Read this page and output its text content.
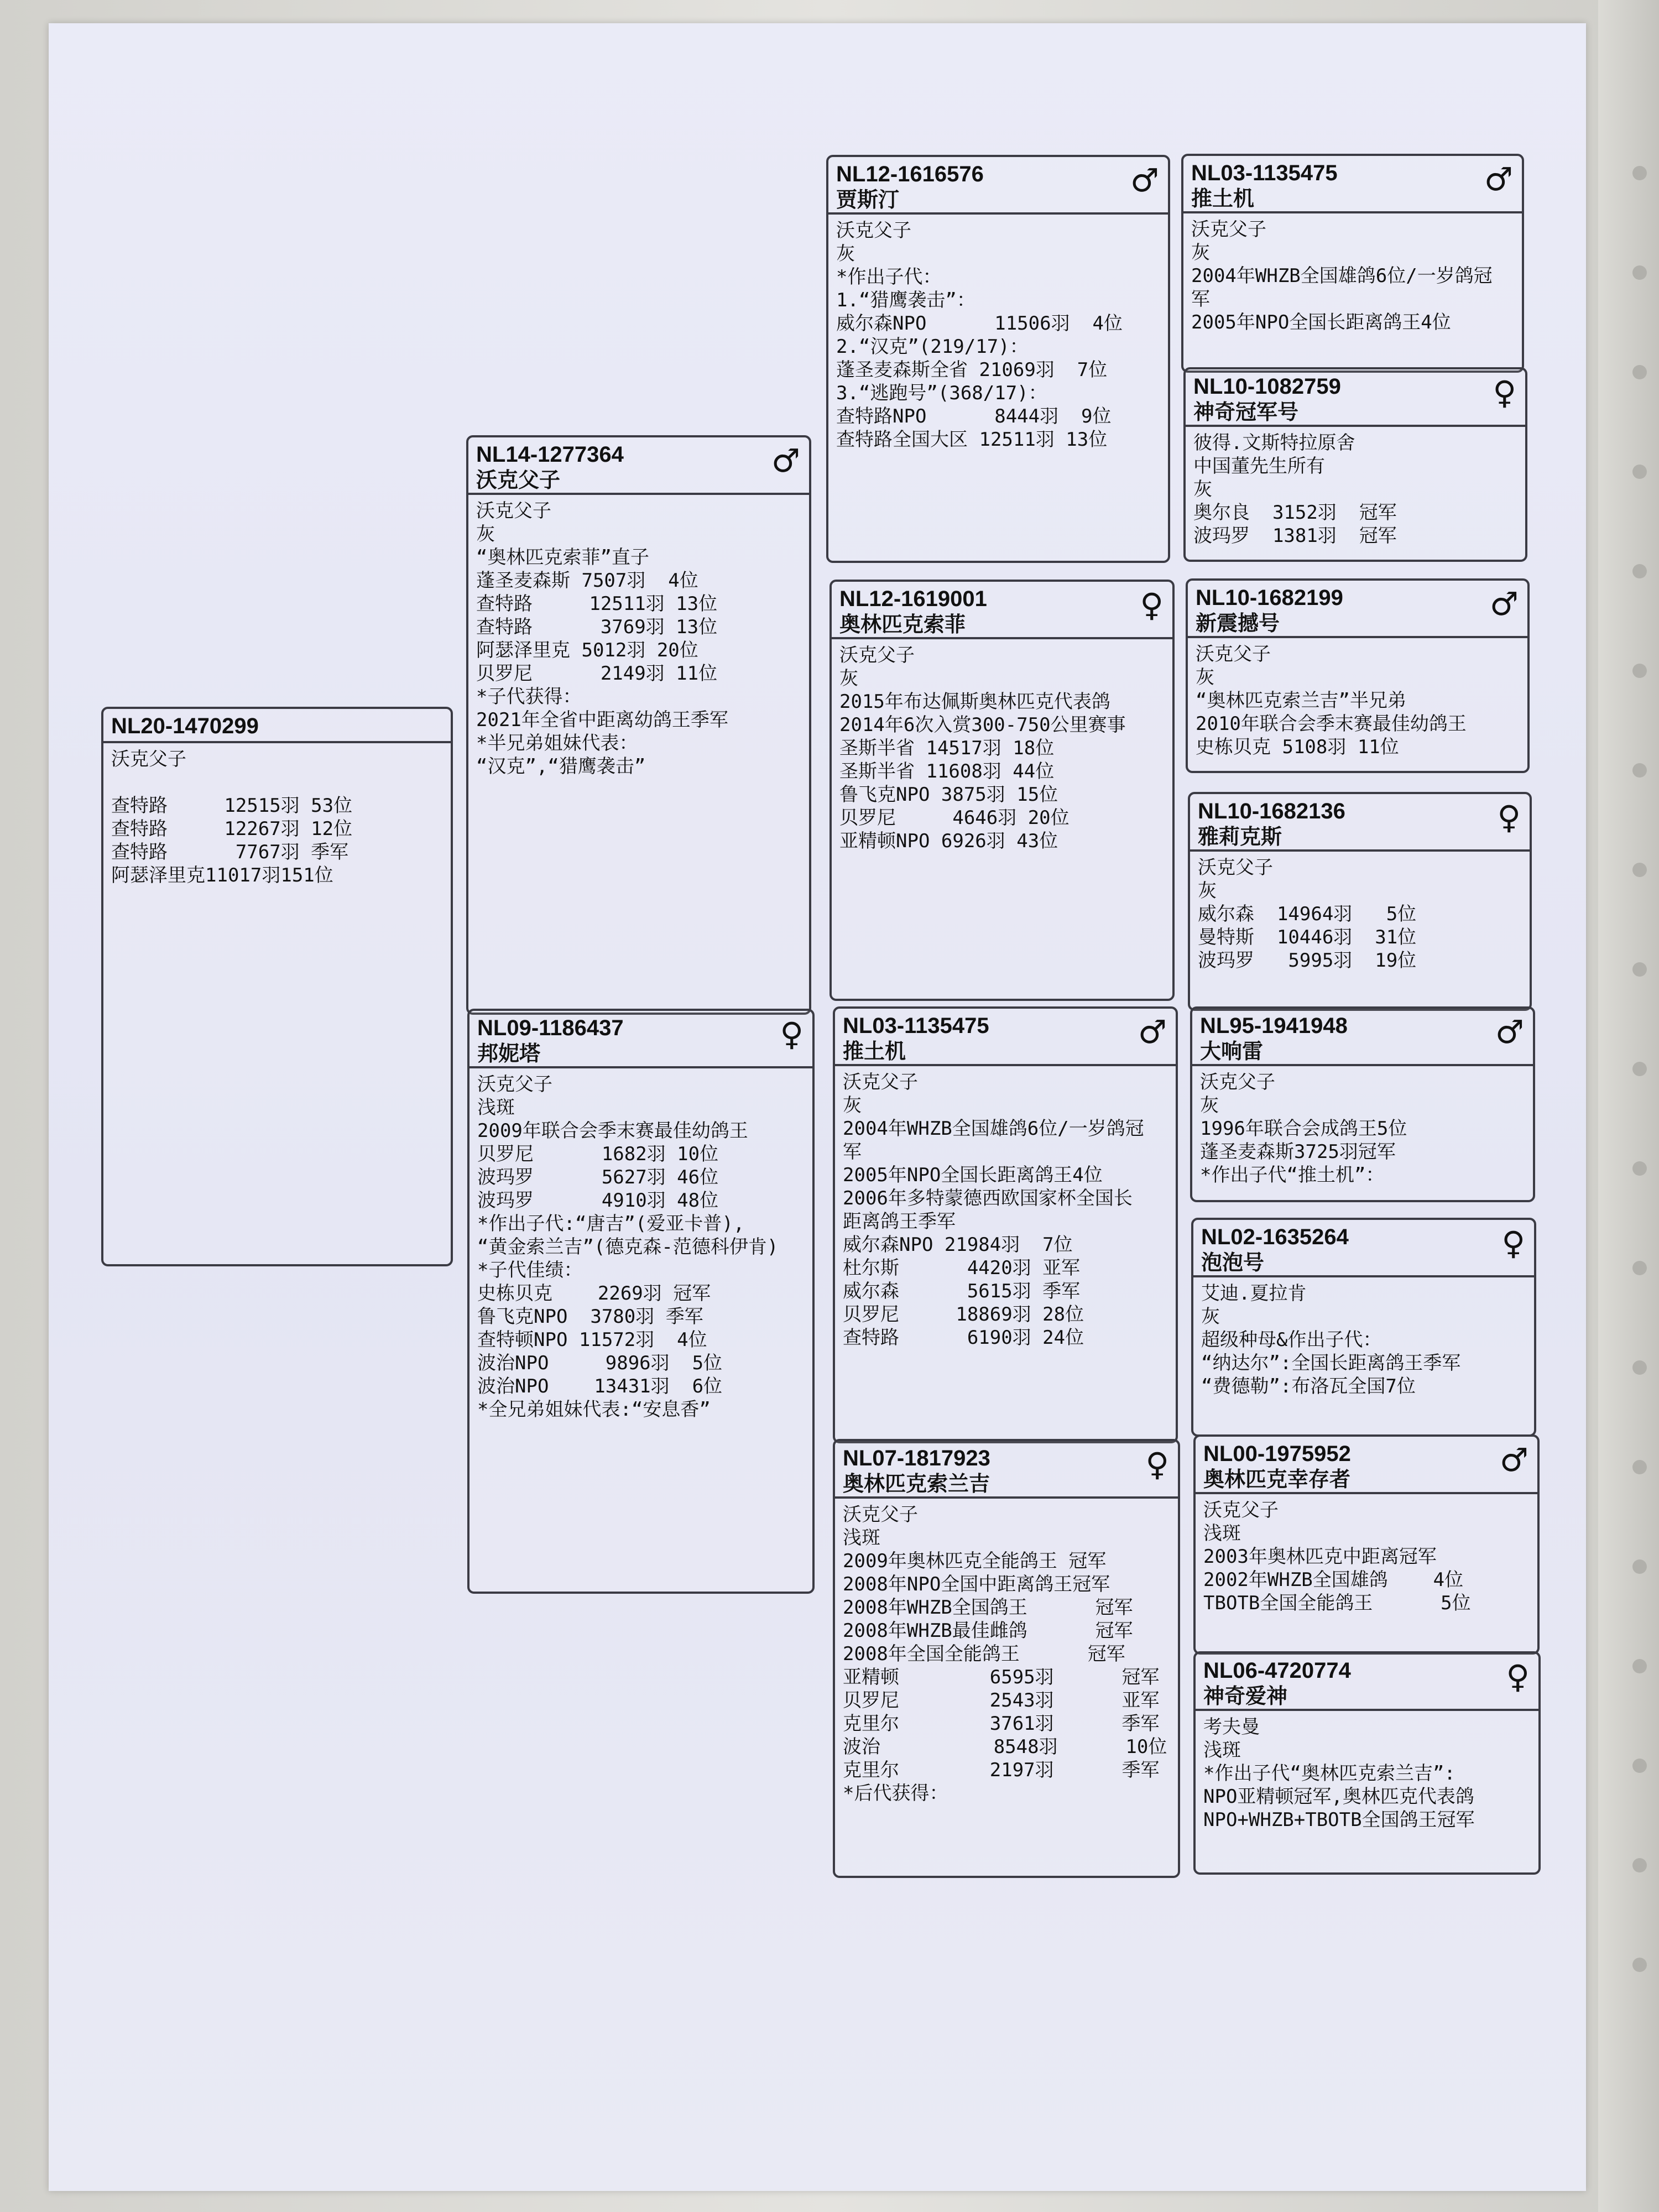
NL20-1470299
沃克父子

查特路     12515羽 53位
查特路     12267羽 12位
查特路      7767羽 季军
阿瑟泽里克11017羽151位
NL14-1277364
沃克父子
♂
沃克父子
灰
“奥林匹克索菲”直子
蓬圣麦森斯 7507羽  4位
查特路     12511羽 13位
查特路      3769羽 13位
阿瑟泽里克 5012羽 20位
贝罗尼      2149羽 11位
*子代获得：
2021年全省中距离幼鸽王季军
*半兄弟姐妹代表：
“汉克”,“猎鹰袭击”
NL09-1186437
邦妮塔
♀
沃克父子
浅斑
2009年联合会季末赛最佳幼鸽王
贝罗尼      1682羽 10位
波玛罗      5627羽 46位
波玛罗      4910羽 48位
*作出子代:“唐吉”(爱亚卡普),
“黄金索兰吉”(德克森-范德科伊肯)
*子代佳绩：
史栋贝克    2269羽 冠军
鲁飞克NPO  3780羽 季军
查特顿NPO 11572羽  4位
波治NPO     9896羽  5位
波治NPO    13431羽  6位
*全兄弟姐妹代表:“安息香”
NL12-1616576
贾斯汀
♂
沃克父子
灰
*作出子代：
1.“猎鹰袭击”：
威尔森NPO      11506羽  4位
2.“汉克”(219/17)：
蓬圣麦森斯全省 21069羽  7位
3.“逃跑号”(368/17)：
查特路NPO      8444羽  9位
查特路全国大区 12511羽 13位
NL12-1619001
奥林匹克索菲
♀
沃克父子
灰
2015年布达佩斯奥林匹克代表鸽
2014年6次入赏300-750公里赛事
圣斯半省 14517羽 18位
圣斯半省 11608羽 44位
鲁飞克NPO 3875羽 15位
贝罗尼     4646羽 20位
亚精顿NPO 6926羽 43位
NL03-1135475
推土机
♂
沃克父子
灰
2004年WHZB全国雄鸽6位/一岁鸽冠
军
2005年NPO全国长距离鸽王4位
2006年多特蒙德西欧国家杯全国长
距离鸽王季军
威尔森NPO 21984羽  7位
杜尔斯      4420羽 亚军
威尔森      5615羽 季军
贝罗尼     18869羽 28位
查特路      6190羽 24位
NL07-1817923
奥林匹克索兰吉
♀
沃克父子
浅斑
2009年奥林匹克全能鸽王 冠军
2008年NPO全国中距离鸽王冠军
2008年WHZB全国鸽王      冠军
2008年WHZB最佳雌鸽      冠军
2008年全国全能鸽王      冠军
亚精顿        6595羽      冠军
贝罗尼        2543羽      亚军
克里尔        3761羽      季军
波治          8548羽      10位
克里尔        2197羽      季军
*后代获得：
NL03-1135475
推土机
♂
沃克父子
灰
2004年WHZB全国雄鸽6位/一岁鸽冠
军
2005年NPO全国长距离鸽王4位
NL10-1082759
神奇冠军号
♀
彼得.文斯特拉原舍
中国董先生所有
灰
奥尔良  3152羽  冠军
波玛罗  1381羽  冠军
NL10-1682199
新震撼号
♂
沃克父子
灰
“奥林匹克索兰吉”半兄弟
2010年联合会季末赛最佳幼鸽王
史栋贝克 5108羽 11位
NL10-1682136
雅莉克斯
♀
沃克父子
灰
威尔森  14964羽   5位
曼特斯  10446羽  31位
波玛罗   5995羽  19位
NL95-1941948
大响雷
♂
沃克父子
灰
1996年联合会成鸽王5位
蓬圣麦森斯3725羽冠军
*作出子代“推土机”：
NL02-1635264
泡泡号
♀
艾迪.夏拉肯
灰
超级种母&作出子代：
“纳达尔”:全国长距离鸽王季军
“费德勒”:布洛瓦全国7位
NL00-1975952
奥林匹克幸存者
♂
沃克父子
浅斑
2003年奥林匹克中距离冠军
2002年WHZB全国雄鸽    4位
TBOTB全国全能鸽王      5位
NL06-4720774
神奇爱神
♀
考夫曼
浅斑
*作出子代“奥林匹克索兰吉”:
NPO亚精顿冠军,奥林匹克代表鸽
NPO+WHZB+TBOTB全国鸽王冠军
